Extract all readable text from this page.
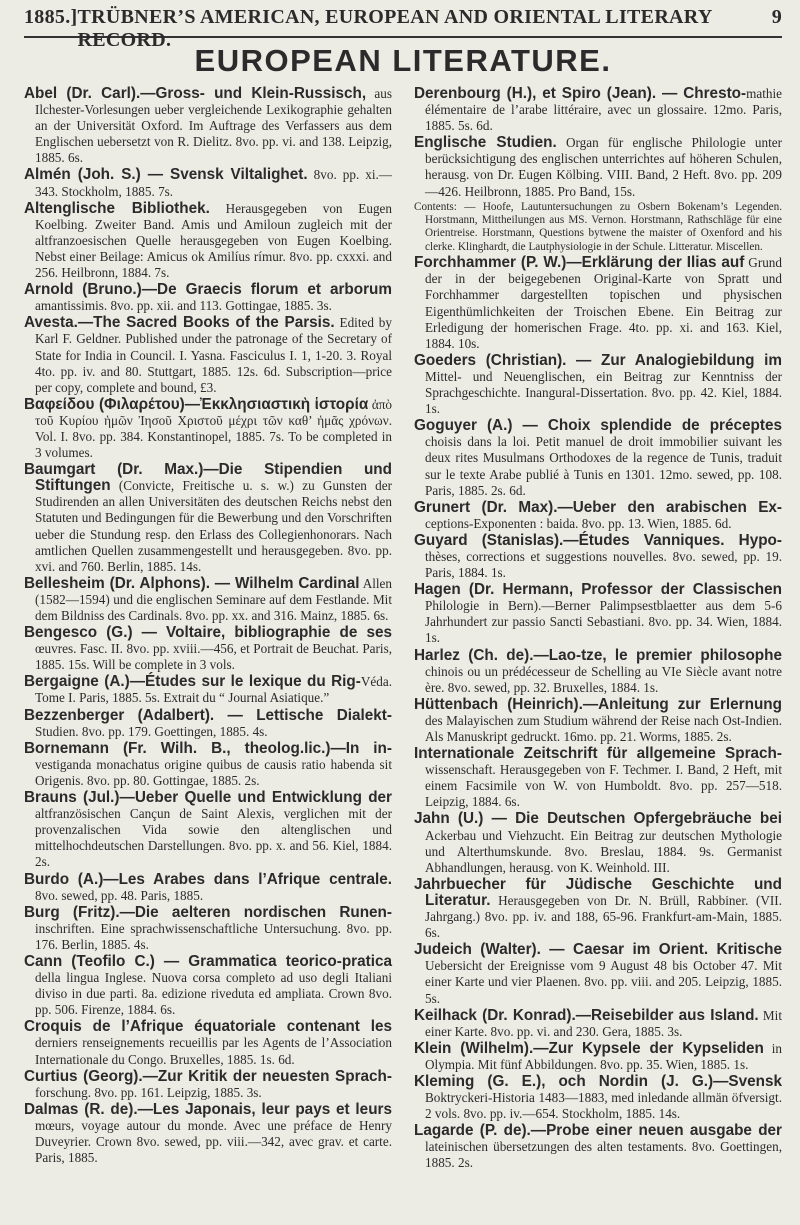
1885.] TRÜBNER’S AMERICAN, EUROPEAN AND ORIENTAL LITERARY RECORD.
9
EUROPEAN LITERATURE.

Abel (Dr. Carl).—Gross- und Klein-Russisch, aus Ilchester-Vorlesungen ueber vergleichende Lexikographie gehalten an der Universität Oxford. Im Auftrage des Verfassers aus dem Englischen uebersetzt von R. Dielitz. 8vo. pp. vi. and 138. Leipzig, 1885. 6s.

Almén (Joh. S.) — Svensk Viltalighet. 8vo. pp. xi.—343. Stockholm, 1885. 7s.

Altenglische Bibliothek. Herausgegeben von Eugen Koelbing. Zweiter Band. Amis und Amiloun zugleich mit der altfranzoesischen Quelle herausgegeben von Eugen Koelbing. Nebst einer Beilage: Amicus ok Amilíus rímur. 8vo. pp. cxxxi. and 256. Heilbronn, 1884. 7s.

Arnold (Bruno.)—De Graecis florum et arborum amantissimis. 8vo. pp. xii. and 113. Gottingae, 1885. 3s.

Avesta.—The Sacred Books of the Parsis. Edited by Karl F. Geldner. Published under the patronage of the Secretary of State for India in Council. I. Yasna. Fasciculus I. 1, 1-20. 3. Royal 4to. pp. iv. and 80. Stuttgart, 1885. 12s. 6d. Subscription—price per copy, complete and bound, £3.

Βαφείδου (Φιλαρέτου)—Ἐκκλησιαστικὴ ἱστορία ἀπὸ τοῦ Κυρίου ἡμῶν Ἰησοῦ Χριστοῦ μέχρι τῶν καθ’ ἡμᾶς χρόνων. Vol. I. 8vo. pp. 384. Konstantinopel, 1885. 7s. To be completed in 3 volumes.

Baumgart (Dr. Max.)—Die Stipendien und Stiftungen (Convicte, Freitische u. s. w.) zu Gunsten der Studirenden an allen Universitäten des deutschen Reichs nebst den Statuten und Bedingungen für die Bewerbung und den Vorschriften ueber die Stundung resp. den Erlass des Collegienhonorars. Nach amtlichen Quellen zusammengestellt und herausgegeben. 8vo. pp. xvi. and 760. Berlin, 1885. 14s.

Bellesheim (Dr. Alphons). — Wilhelm Cardinal Allen (1582—1594) und die englischen Seminare auf dem Festlande. Mit dem Bildniss des Cardinals. 8vo. pp. xx. and 316. Mainz, 1885. 6s.

Bengesco (G.) — Voltaire, bibliographie de ses œuvres. Fasc. II. 8vo. pp. xviii.—456, et Portrait de Beuchat. Paris, 1885. 15s. Will be complete in 3 vols.

Bergaigne (A.)—Études sur le lexique du Rig-Véda. Tome I. Paris, 1885. 5s. Extrait du “ Journal Asiatique.”

Bezzenberger (Adalbert). — Lettische Dialekt-Studien. 8vo. pp. 179. Goettingen, 1885. 4s.

Bornemann (Fr. Wilh. B., theolog.lic.)—In in-vestiganda monachatus origine quibus de causis ratio habenda sit Origenis. 8vo. pp. 80. Gottingae, 1885. 2s.

Brauns (Jul.)—Ueber Quelle und Entwicklung der altfranzösischen Cançun de Saint Alexis, verglichen mit der provenzalischen Vida sowie den altenglischen und mittelhochdeutschen Darstellungen. 8vo. pp. x. and 56. Kiel, 1884. 2s.

Burdo (A.)—Les Arabes dans l’Afrique centrale. 8vo. sewed, pp. 48. Paris, 1885.

Burg (Fritz).—Die aelteren nordischen Runen-inschriften. Eine sprachwissenschaftliche Untersuchung. 8vo. pp. 176. Berlin, 1885. 4s.

Cann (Teofilo C.) — Grammatica teorico-pratica della lingua Inglese. Nuova corsa completo ad uso degli Italiani diviso in due parti. 8a. edizione riveduta ed ampliata. Crown 8vo. pp. 506. Firenze, 1884. 6s.

Croquis de l’Afrique équatoriale contenant les derniers renseignements recueillis par les Agents de l’Association Internationale du Congo. Bruxelles, 1885. 1s. 6d.

Curtius (Georg).—Zur Kritik der neuesten Sprach-forschung. 8vo. pp. 161. Leipzig, 1885. 3s.

Dalmas (R. de).—Les Japonais, leur pays et leurs mœurs, voyage autour du monde. Avec une préface de Henry Duveyrier. Crown 8vo. sewed, pp. viii.—342, avec grav. et carte. Paris, 1885.

Derenbourg (H.), et Spiro (Jean). — Chresto-mathie élémentaire de l’arabe littéraire, avec un glossaire. 12mo. Paris, 1885. 5s. 6d.

Englische Studien. Organ für englische Philologie unter berücksichtigung des englischen unterrichtes auf höheren Schulen, herausg. von Dr. Eugen Kölbing. VIII. Band, 2 Heft. 8vo. pp. 209—426. Heilbronn, 1885. Pro Band, 15s.

Contents: — Hoofe, Lautuntersuchungen zu Osbern Bokenam’s Legenden. Horstmann, Mittheilungen aus MS. Vernon. Horstmann, Rathschläge für eine Orientreise. Horstmann, Questions bytwene the maister of Oxenford and his clerke. Klinghardt, die Lautphysiologie in der Schule. Litteratur. Miscellen.

Forchhammer (P. W.)—Erklärung der Ilias auf Grund der in der beigegebenen Original-Karte von Spratt und Forchhammer dargestellten topischen und physischen Eigenthümlichkeiten der Troischen Ebene. Ein Beitrag zur Erledigung der homerischen Frage. 4to. pp. xi. and 163. Kiel, 1884. 10s.

Goeders (Christian). — Zur Analogiebildung im Mittel- und Neuenglischen, ein Beitrag zur Kenntniss der Sprachgeschichte. Inangural-Dissertation. 8vo. pp. 42. Kiel, 1884. 1s.

Goguyer (A.) — Choix splendide de préceptes choisis dans la loi. Petit manuel de droit immobilier suivant les deux rites Musulmans Orthodoxes de la regence de Tunis, traduit sur le texte Arabe publié à Tunis en 1301. 12mo. sewed, pp. 108. Paris, 1885. 2s. 6d.

Grunert (Dr. Max).—Ueber den arabischen Ex-ceptions-Exponenten : baida. 8vo. pp. 13. Wien, 1885. 6d.

Guyard (Stanislas).—Études Vanniques. Hypo-thèses, corrections et suggestions nouvelles. 8vo. sewed, pp. 19. Paris, 1884. 1s.

Hagen (Dr. Hermann, Professor der Classischen Philologie in Bern).—Berner Palimpsestblaetter aus dem 5-6 Jahrhundert zur passio Sancti Sebastiani. 8vo. pp. 34. Wien, 1884. 1s.

Harlez (Ch. de).—Lao-tze, le premier philosophe chinois ou un prédécesseur de Schelling au VIe Siècle avant notre ère. 8vo. sewed, pp. 32. Bruxelles, 1884. 1s.

Hüttenbach (Heinrich).—Anleitung zur Erlernung des Malayischen zum Studium während der Reise nach Ost-Indien. Als Manuskript gedruckt. 16mo. pp. 21. Worms, 1885. 2s.

Internationale Zeitschrift für allgemeine Sprach-wissenschaft. Herausgegeben von F. Techmer. I. Band, 2 Heft, mit einem Facsimile von W. von Humboldt. 8vo. pp. 257—518. Leipzig, 1884. 6s.

Jahn (U.) — Die Deutschen Opfergebräuche bei Ackerbau und Viehzucht. Ein Beitrag zur deutschen Mythologie und Alterthumskunde. 8vo. Breslau, 1884. 9s. Germanist Abhandlungen, herausg. von K. Weinhold. III.

Jahrbuecher für Jüdische Geschichte und Literatur. Herausgegeben von Dr. N. Brüll, Rabbiner. (VII. Jahrgang.) 8vo. pp. iv. and 188, 65-96. Frankfurt-am-Main, 1885. 6s.

Judeich (Walter). — Caesar im Orient. Kritische Uebersicht der Ereignisse vom 9 August 48 bis October 47. Mit einer Karte und vier Plaenen. 8vo. pp. viii. and 205. Leipzig, 1885. 5s.

Keilhack (Dr. Konrad).—Reisebilder aus Island. Mit einer Karte. 8vo. pp. vi. and 230. Gera, 1885. 3s.

Klein (Wilhelm).—Zur Kypsele der Kypseliden in Olympia. Mit fünf Abbildungen. 8vo. pp. 35. Wien, 1885. 1s.

Kleming (G. E.), och Nordin (J. G.)—Svensk Boktryckeri-Historia 1483—1883, med inledande allmän öfversigt. 2 vols. 8vo. pp. iv.—654. Stockholm, 1885. 14s.

Lagarde (P. de).—Probe einer neuen ausgabe der lateinischen übersetzungen des alten testaments. 8vo. Goettingen, 1885. 2s.
